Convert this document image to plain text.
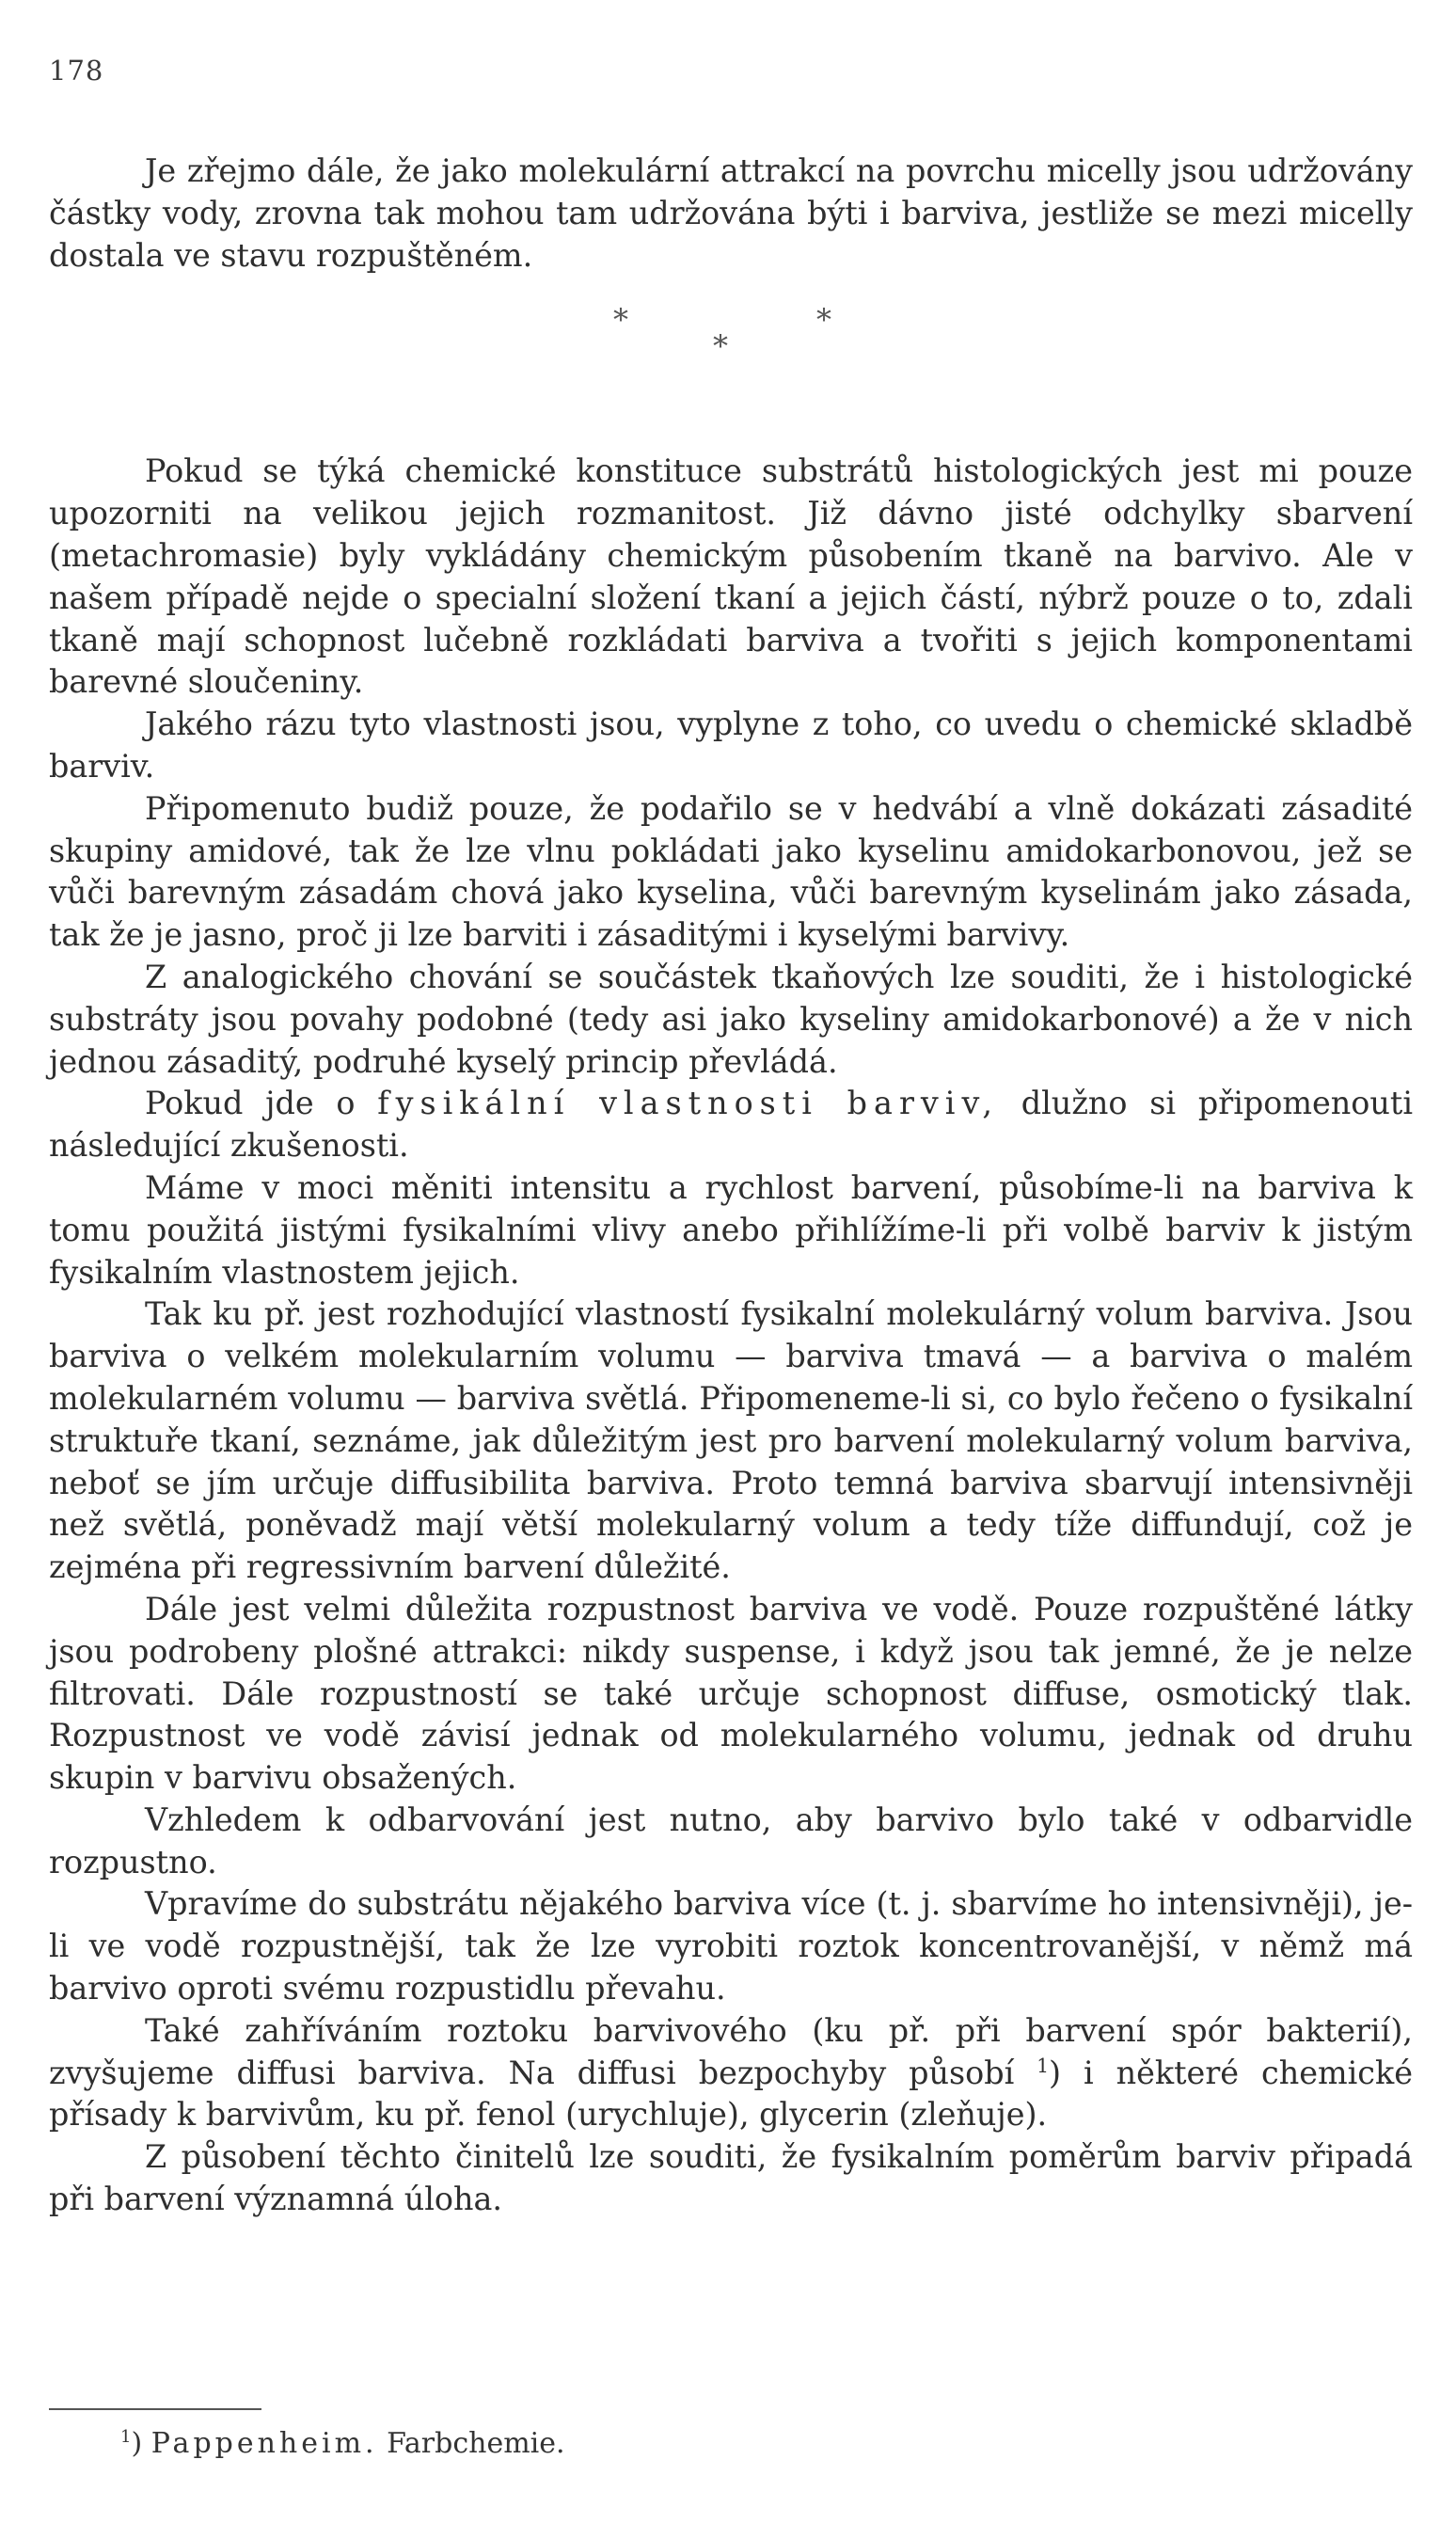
178

Je zřejmo dále, že jako molekulární attrakcí na povrchu micelly jsou udržovány částky vody, zrovna tak mohou tam udržována býti i barviva, jestliže se mezi micelly dostala ve stavu rozpuštěném.

*
*
*

Pokud se týká chemické konstituce substrátů histologických jest mi pouze upozorniti na velikou jejich rozmanitost. Již dávno jisté odchylky sbarvení (metachromasie) byly vykládány chemickým působením tkaně na barvivo. Ale v našem případě nejde o specialní složení tkaní a jejich částí, nýbrž pouze o to, zdali tkaně mají schopnost lučebně rozkládati barviva a tvořiti s jejich komponentami barevné sloučeniny.

Jakého rázu tyto vlastnosti jsou, vyplyne z toho, co uvedu o chemické skladbě barviv.

Připomenuto budiž pouze, že podařilo se v hedvábí a vlně dokázati zásadité skupiny amidové, tak že lze vlnu pokládati jako kyselinu amidokarbonovou, jež se vůči barevným zásadám chová jako kyselina, vůči barevným kyselinám jako zásada, tak že je jasno, proč ji lze barviti i zásaditými i kyselými barvivy.

Z analogického chování se součástek tkaňových lze souditi, že i histologické substráty jsou povahy podobné (tedy asi jako kyseliny amidokarbonové) a že v nich jednou zásaditý, podruhé kyselý princip převládá.

Pokud jde o fysikální vlastnosti barviv, dlužno si připomenouti následující zkušenosti.

Máme v moci měniti intensitu a rychlost barvení, působíme-li na barviva k tomu použitá jistými fysikalními vlivy anebo přihlížíme-li při volbě barviv k jistým fysikalním vlastnostem jejich.

Tak ku př. jest rozhodující vlastností fysikalní molekulárný volum barviva. Jsou barviva o velkém molekularním volumu — barviva tmavá — a barviva o malém molekularném volumu — barviva světlá. Připomeneme-li si, co bylo řečeno o fysikalní struktuře tkaní, seznáme, jak důležitým jest pro barvení molekularný volum barviva, neboť se jím určuje diffusibilita barviva. Proto temná barviva sbarvují intensivněji než světlá, poněvadž mají větší molekularný volum a tedy tíže diffundují, což je zejména při regressivním barvení důležité.

Dále jest velmi důležita rozpustnost barviva ve vodě. Pouze rozpuštěné látky jsou podrobeny plošné attrakci: nikdy suspense, i když jsou tak jemné, že je nelze filtrovati. Dále rozpustností se také určuje schopnost diffuse, osmotický tlak. Rozpustnost ve vodě závisí jednak od molekularného volumu, jednak od druhu skupin v barvivu obsažených.

Vzhledem k odbarvování jest nutno, aby barvivo bylo také v odbarvidle rozpustno.

Vpravíme do substrátu nějakého barviva více (t. j. sbarvíme ho intensivněji), je-li ve vodě rozpustnější, tak že lze vyrobiti roztok koncentrovanější, v němž má barvivo oproti svému rozpustidlu převahu.

Také zahříváním roztoku barvivového (ku př. při barvení spór bakterií), zvyšujeme diffusi barviva. Na diffusi bezpochyby působí $^1$) i některé chemické přísady k barvivům, ku př. fenol (urychluje), glycerin (zleňuje).

Z působení těchto činitelů lze souditi, že fysikalním poměrům barviv připadá při barvení významná úloha.

$^1$) Pappenheim. Farbchemie.
